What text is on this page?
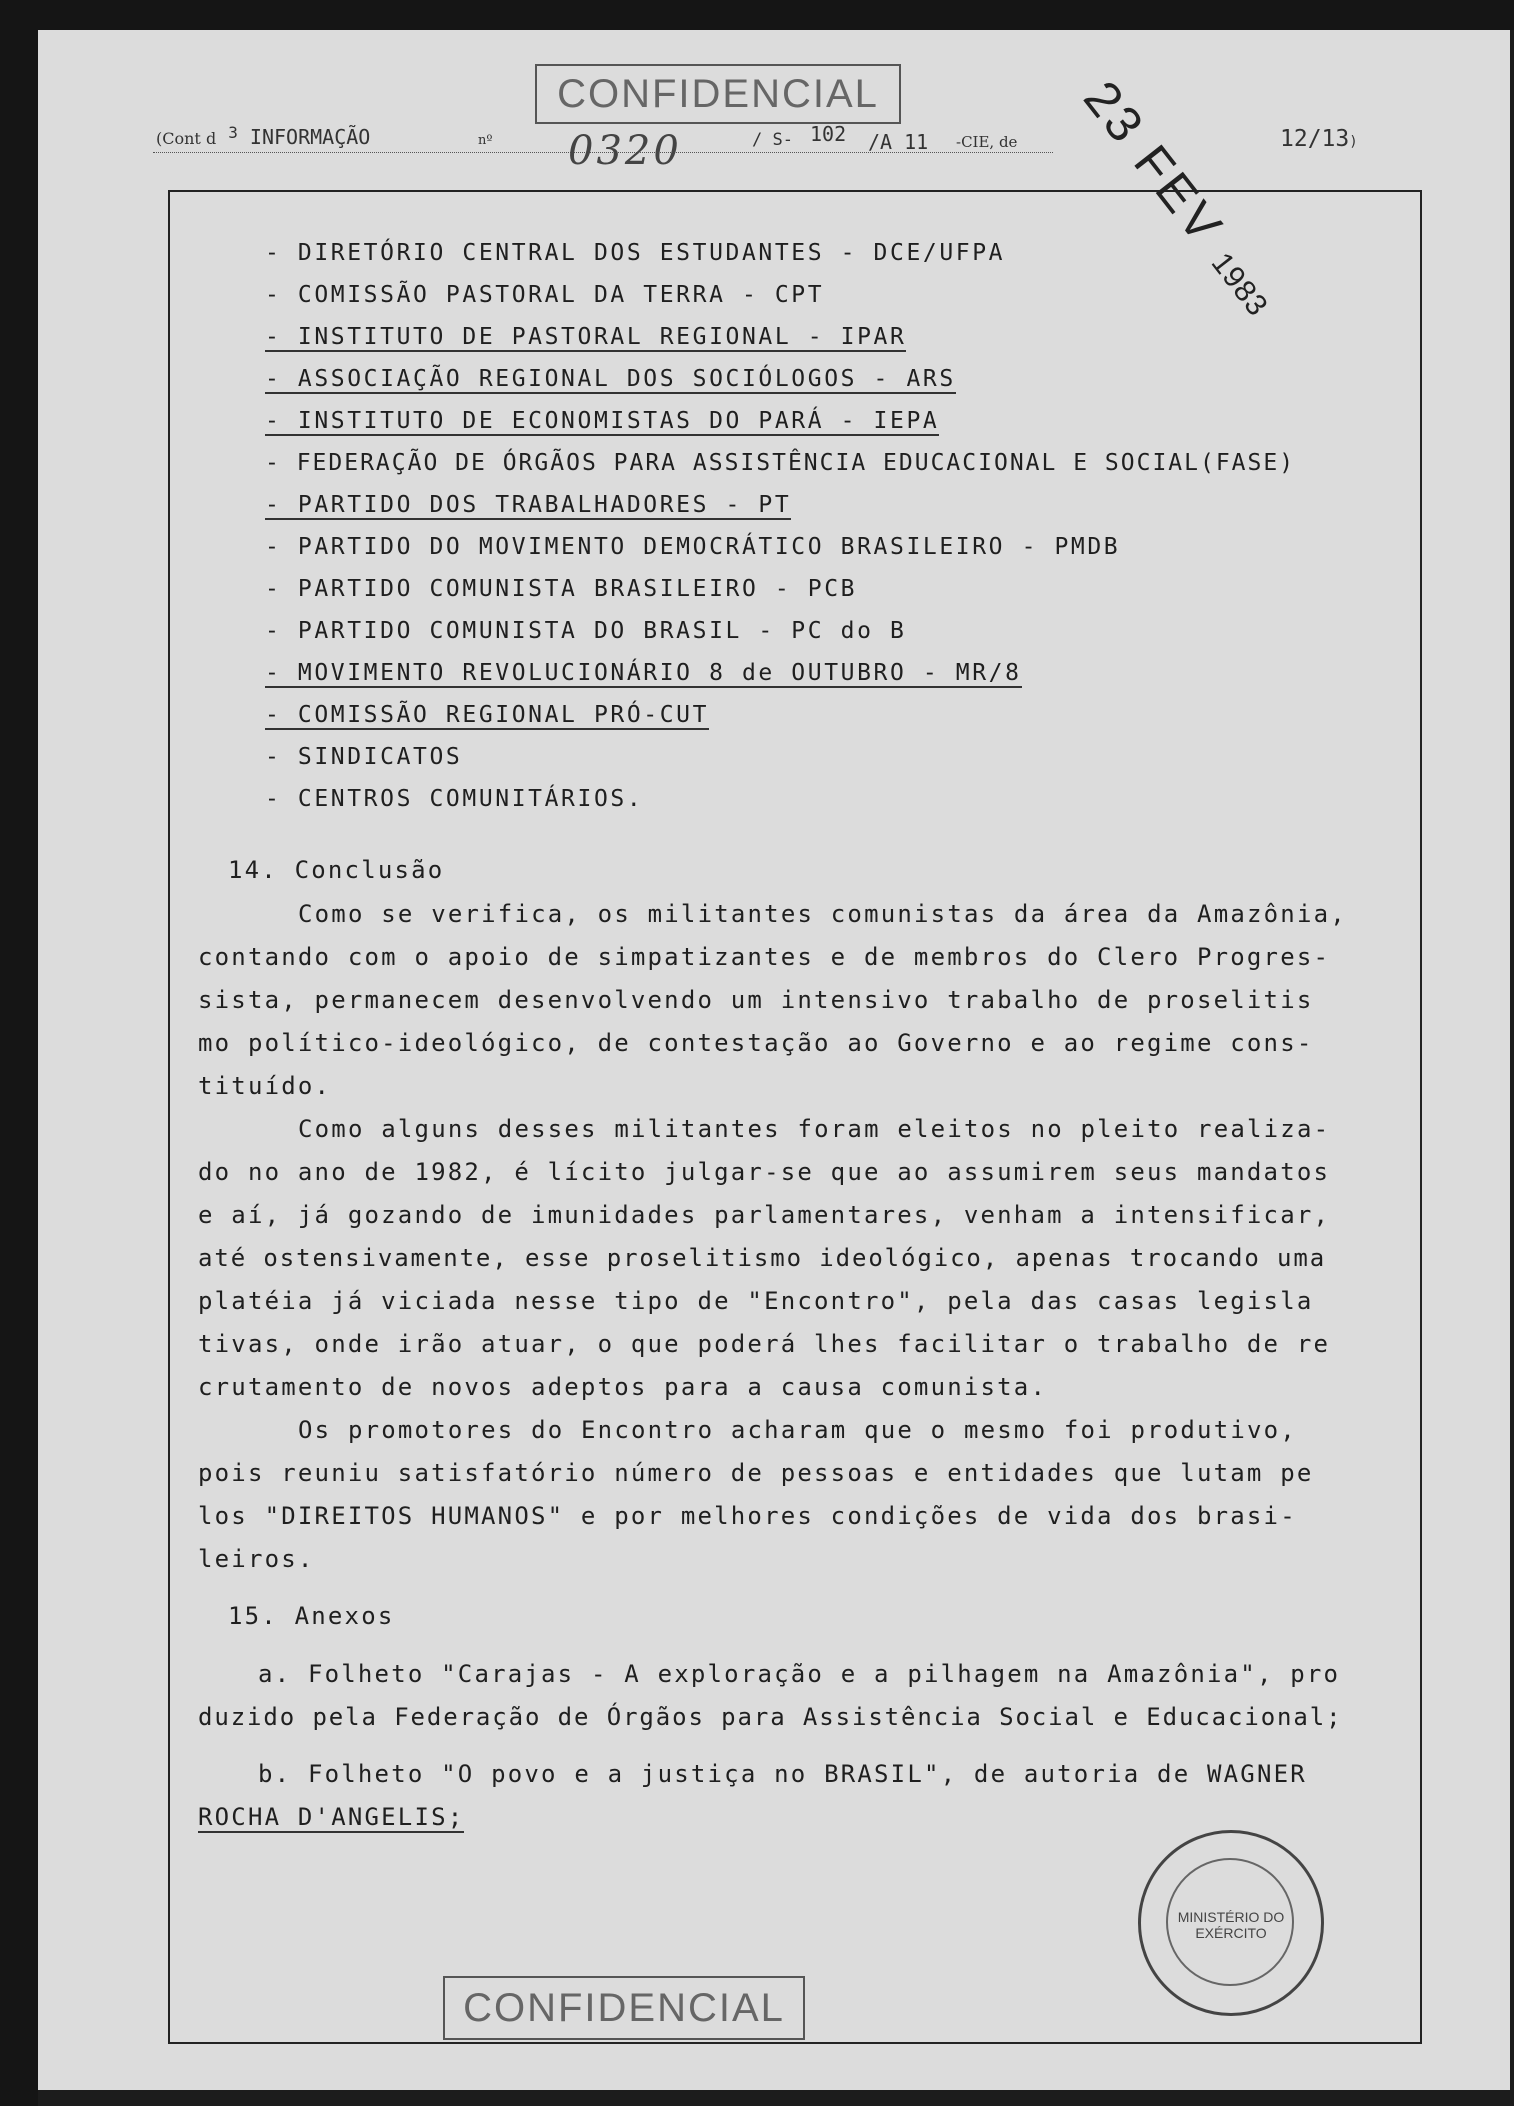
CONFIDENCIAL
(Cont d $^3$ INFORMAÇÃO	nº 0320	/ S- 102 /A 11 -CIE, de	12/13)
23 FEV 1983
- DIRETÓRIO CENTRAL DOS ESTUDANTES - DCE/UFPA
- COMISSÃO PASTORAL DA TERRA - CPT
- INSTITUTO DE PASTORAL REGIONAL - IPAR
- ASSOCIAÇÃO REGIONAL DOS SOCIÓLOGOS - ARS
- INSTITUTO DE ECONOMISTAS DO PARÁ - IEPA
- FEDERAÇÃO DE ÓRGÃOS PARA ASSISTÊNCIA EDUCACIONAL E SOCIAL(FASE)
- PARTIDO DOS TRABALHADORES - PT
- PARTIDO DO MOVIMENTO DEMOCRÁTICO BRASILEIRO - PMDB
- PARTIDO COMUNISTA BRASILEIRO - PCB
- PARTIDO COMUNISTA DO BRASIL - PC do B
- MOVIMENTO REVOLUCIONÁRIO 8 de OUTUBRO - MR/8
- COMISSÃO REGIONAL PRÓ-CUT
- SINDICATOS
- CENTROS COMUNITÁRIOS.
14. Conclusão
Como se verifica, os militantes comunistas da área da Amazônia,
contando com o apoio de simpatizantes e de membros do Clero Progres-
sista, permanecem desenvolvendo um intensivo trabalho de proselitis
mo político-ideológico, de contestação ao Governo e ao regime cons-
tituído.
Como alguns desses militantes foram eleitos no pleito realiza-
do no ano de 1982, é lícito julgar-se que ao assumirem seus mandatos
e aí, já gozando de imunidades parlamentares, venham a intensificar,
até ostensivamente, esse proselitismo ideológico, apenas trocando uma
platéia já viciada nesse tipo de "Encontro", pela das casas legisla
tivas, onde irão atuar, o que poderá lhes facilitar o trabalho de re
crutamento de novos adeptos para a causa comunista.
Os promotores do Encontro acharam que o mesmo foi produtivo,
pois reuniu satisfatório número de pessoas e entidades que lutam pe
los "DIREITOS HUMANOS" e por melhores condições de vida dos brasi-
leiros.
15. Anexos
a. Folheto "Carajas - A exploração e a pilhagem na Amazônia", pro
duzido pela Federação de Órgãos para Assistência Social e Educacional;
b. Folheto "O povo e a justiça no BRASIL", de autoria de WAGNER
ROCHA D'ANGELIS;
MINISTÉRIO DO EXÉRCITO
CONFIDENCIAL
